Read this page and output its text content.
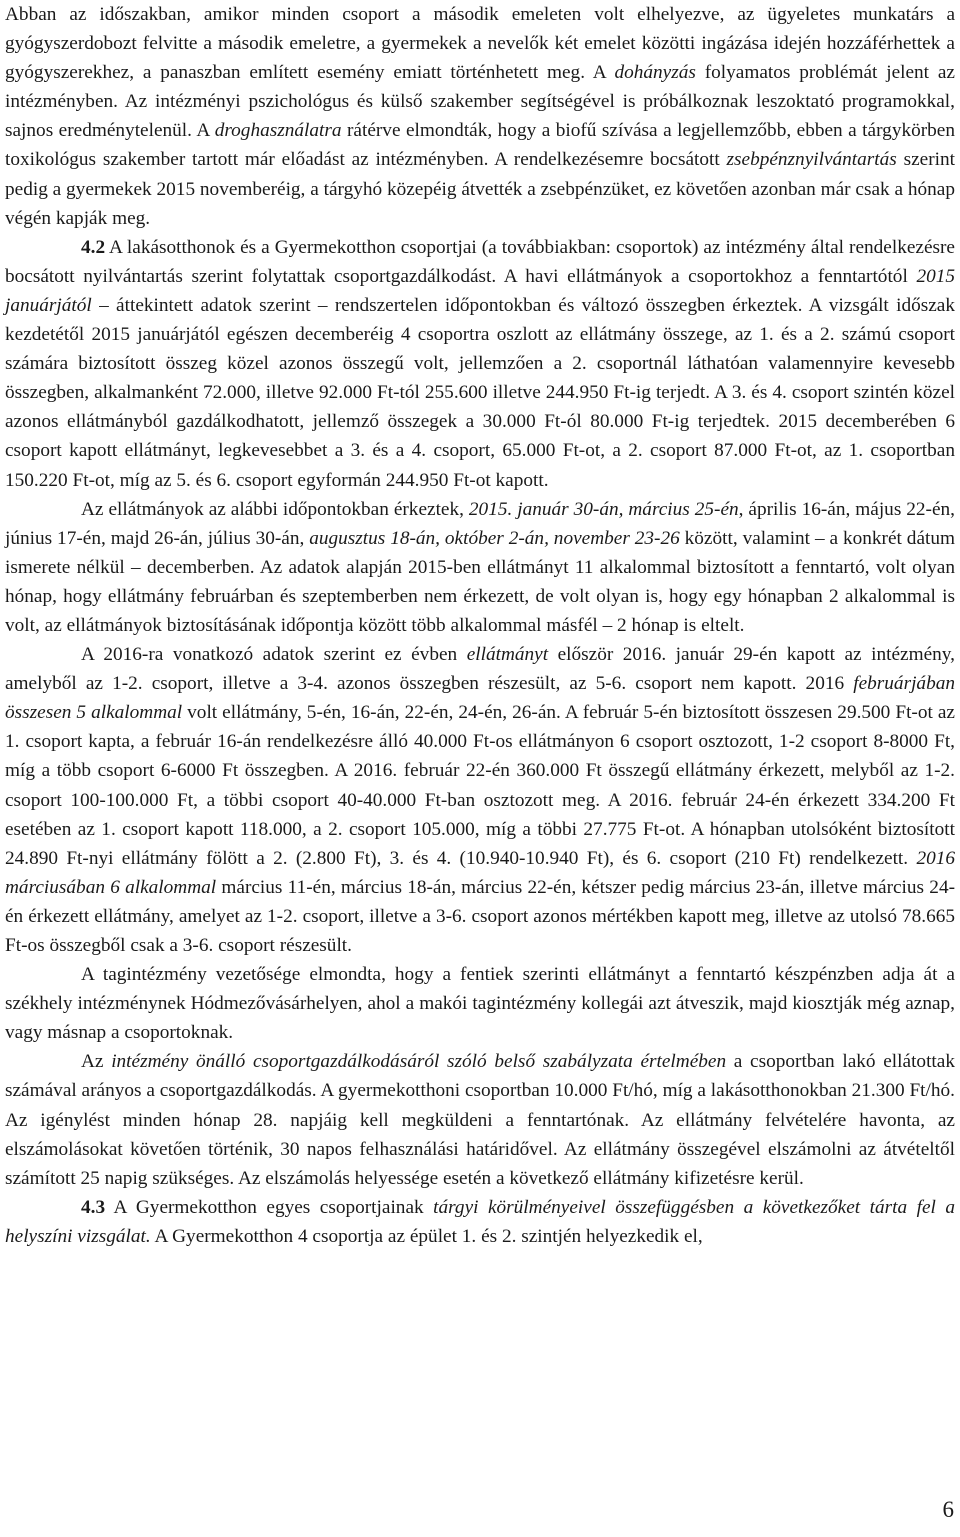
Abban az időszakban, amikor minden csoport a második emeleten volt elhelyezve, az ügyeletes munkatárs a gyógyszerdobozt felvitte a második emeletre, a gyermekek a nevelők két emelet közötti ingázása idején hozzáférhettek a gyógyszerekhez, a panaszban említett esemény emiatt történhetett meg. A dohányzás folyamatos problémát jelent az intézményben. Az intézményi pszichológus és külső szakember segítségével is próbálkoznak leszoktató programokkal, sajnos eredménytelenül. A droghasználatra rátérve elmondták, hogy a biofű szívása a legjellemzőbb, ebben a tárgykörben toxikológus szakember tartott már előadást az intézményben. A rendelkezésemre bocsátott zsebpénznyilvántartás szerint pedig a gyermekek 2015 novemberéig, a tárgyhó közepéig átvették a zsebpénzüket, ez követően azonban már csak a hónap végén kapják meg.

4.2 A lakásotthonok és a Gyermekotthon csoportjai (a továbbiakban: csoportok) az intézmény által rendelkezésre bocsátott nyilvántartás szerint folytattak csoportgazdálkodást. A havi ellátmányok a csoportokhoz a fenntartótól 2015 januárjától – áttekintett adatok szerint – rendszertelen időpontokban és változó összegben érkeztek. A vizsgált időszak kezdetétől 2015 januárjától egészen decemberéig 4 csoportra oszlott az ellátmány összege, az 1. és a 2. számú csoport számára biztosított összeg közel azonos összegű volt, jellemzően a 2. csoportnál láthatóan valamennyire kevesebb összegben, alkalmanként 72.000, illetve 92.000 Ft-tól 255.600 illetve 244.950 Ft-ig terjedt. A 3. és 4. csoport szintén közel azonos ellátmányból gazdálkodhatott, jellemző összegek a 30.000 Ft-ól 80.000 Ft-ig terjedtek. 2015 decemberében 6 csoport kapott ellátmányt, legkevesebbet a 3. és a 4. csoport, 65.000 Ft-ot, a 2. csoport 87.000 Ft-ot, az 1. csoportban 150.220 Ft-ot, míg az 5. és 6. csoport egyformán 244.950 Ft-ot kapott.

Az ellátmányok az alábbi időpontokban érkeztek, 2015. január 30-án, március 25-én, április 16-án, május 22-én, június 17-én, majd 26-án, július 30-án, augusztus 18-án, október 2-án, november 23-26 között, valamint – a konkrét dátum ismerete nélkül – decemberben. Az adatok alapján 2015-ben ellátmányt 11 alkalommal biztosított a fenntartó, volt olyan hónap, hogy ellátmány februárban és szeptemberben nem érkezett, de volt olyan is, hogy egy hónapban 2 alkalommal is volt, az ellátmányok biztosításának időpontja között több alkalommal másfél – 2 hónap is eltelt.

A 2016-ra vonatkozó adatok szerint ez évben ellátmányt először 2016. január 29-én kapott az intézmény, amelyből az 1-2. csoport, illetve a 3-4. azonos összegben részesült, az 5-6. csoport nem kapott. 2016 februárjában összesen 5 alkalommal volt ellátmány, 5-én, 16-án, 22-én, 24-én, 26-án. A február 5-én biztosított összesen 29.500 Ft-ot az 1. csoport kapta, a február 16-án rendelkezésre álló 40.000 Ft-os ellátmányon 6 csoport osztozott, 1-2 csoport 8-8000 Ft, míg a több csoport 6-6000 Ft összegben. A 2016. február 22-én 360.000 Ft összegű ellátmány érkezett, melyből az 1-2. csoport 100-100.000 Ft, a többi csoport 40-40.000 Ft-ban osztozott meg. A 2016. február 24-én érkezett 334.200 Ft esetében az 1. csoport kapott 118.000, a 2. csoport 105.000, míg a többi 27.775 Ft-ot. A hónapban utolsóként biztosított 24.890 Ft-nyi ellátmány fölött a 2. (2.800 Ft), 3. és 4. (10.940-10.940 Ft), és 6. csoport (210 Ft) rendelkezett. 2016 márciusában 6 alkalommal március 11-én, március 18-án, március 22-én, kétszer pedig március 23-án, illetve március 24-én érkezett ellátmány, amelyet az 1-2. csoport, illetve a 3-6. csoport azonos mértékben kapott meg, illetve az utolsó 78.665 Ft-os összegből csak a 3-6. csoport részesült.

A tagintézmény vezetősége elmondta, hogy a fentiek szerinti ellátmányt a fenntartó készpénzben adja át a székhely intézménynek Hódmezővásárhelyen, ahol a makói tagintézmény kollegái azt átveszik, majd kiosztják még aznap, vagy másnap a csoportoknak.

Az intézmény önálló csoportgazdálkodásáról szóló belső szabályzata értelmében a csoportban lakó ellátottak számával arányos a csoportgazdálkodás. A gyermekotthoni csoportban 10.000 Ft/hó, míg a lakásotthonokban 21.300 Ft/hó. Az igénylést minden hónap 28. napjáig kell megküldeni a fenntartónak. Az ellátmány felvételére havonta, az elszámolásokat követően történik, 30 napos felhasználási határidővel. Az ellátmány összegével elszámolni az átvételtől számított 25 napig szükséges. Az elszámolás helyessége esetén a következő ellátmány kifizetésre kerül.

4.3 A Gyermekotthon egyes csoportjainak tárgyi körülményeivel összefüggésben a következőket tárta fel a helyszíni vizsgálat. A Gyermekotthon 4 csoportja az épület 1. és 2. szintjén helyezkedik el,

6
